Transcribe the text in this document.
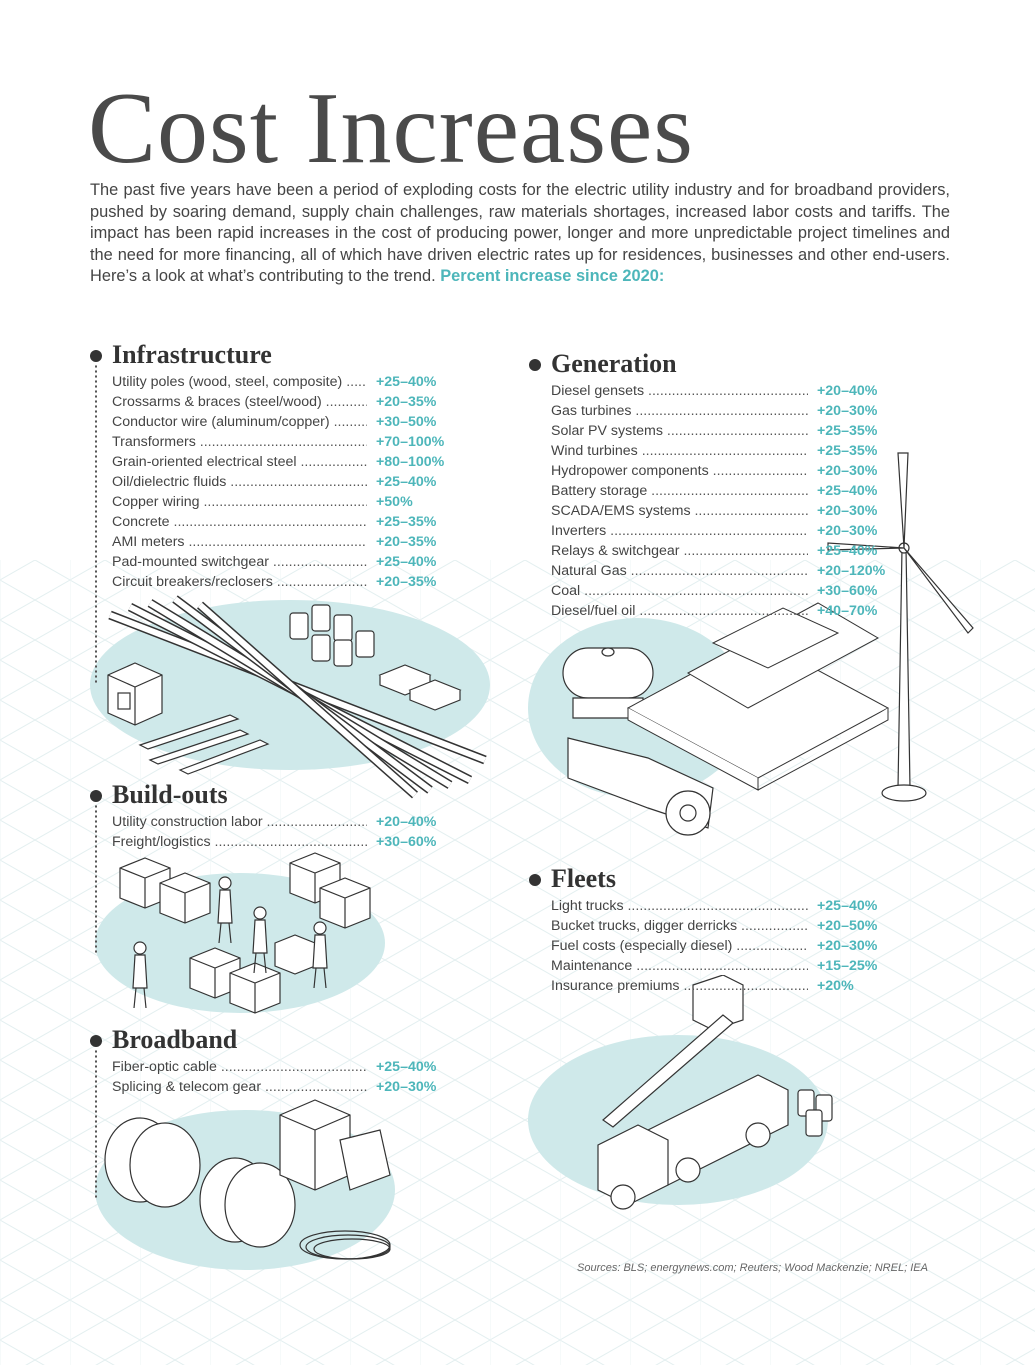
Cost Increases

The past five years have been a period of exploding costs for the electric utility industry and for broadband providers, pushed by soaring demand, supply chain challenges, raw materials shortages, increased labor costs and tariffs. The impact has been rapid increases in the cost of producing power, longer and more unpredictable project timelines and the need for more financing, all of which have driven electric rates up for residences, businesses and other end-users. Here’s a look at what’s contributing to the trend. Percent increase since 2020:

Infrastructure
Utility poles (wood, steel, composite) .....	+25–40%
Crossarms & braces (steel/wood) .....	+20–35%
Conductor wire (aluminum/copper) .....	+30–50%
Transformers .....	+70–100%
Grain-oriented electrical steel .....	+80–100%
Oil/dielectric fluids .....	+25–40%
Copper wiring .....	+50%
Concrete .....	+25–35%
AMI meters .....	+20–35%
Pad-mounted switchgear .....	+25–40%
Circuit breakers/reclosers .....	+20–35%
Build-outs
Utility construction labor .....	+20–40%
Freight/logistics .....	+30–60%
Broadband
Fiber-optic cable .....	+25–40%
Splicing & telecom gear .....	+20–30%
Generation
Diesel gensets .....	+20–40%
Gas turbines .....	+20–30%
Solar PV systems .....	+25–35%
Wind turbines .....	+25–35%
Hydropower components .....	+20–30%
Battery storage .....	+25–40%
SCADA/EMS systems .....	+20–30%
Inverters .....	+20–30%
Relays & switchgear .....	+25–40%
Natural Gas .....	+20–120%
Coal .....	+30–60%
Diesel/fuel oil .....	+40–70%
Fleets
Light trucks .....	+25–40%
Bucket trucks, digger derricks .....	+20–50%
Fuel costs (especially diesel) .....	+20–30%
Maintenance .....	+15–25%
Insurance premiums .....	+20%
Sources: BLS; energynews.com; Reuters; Wood Mackenzie; NREL; IEA
